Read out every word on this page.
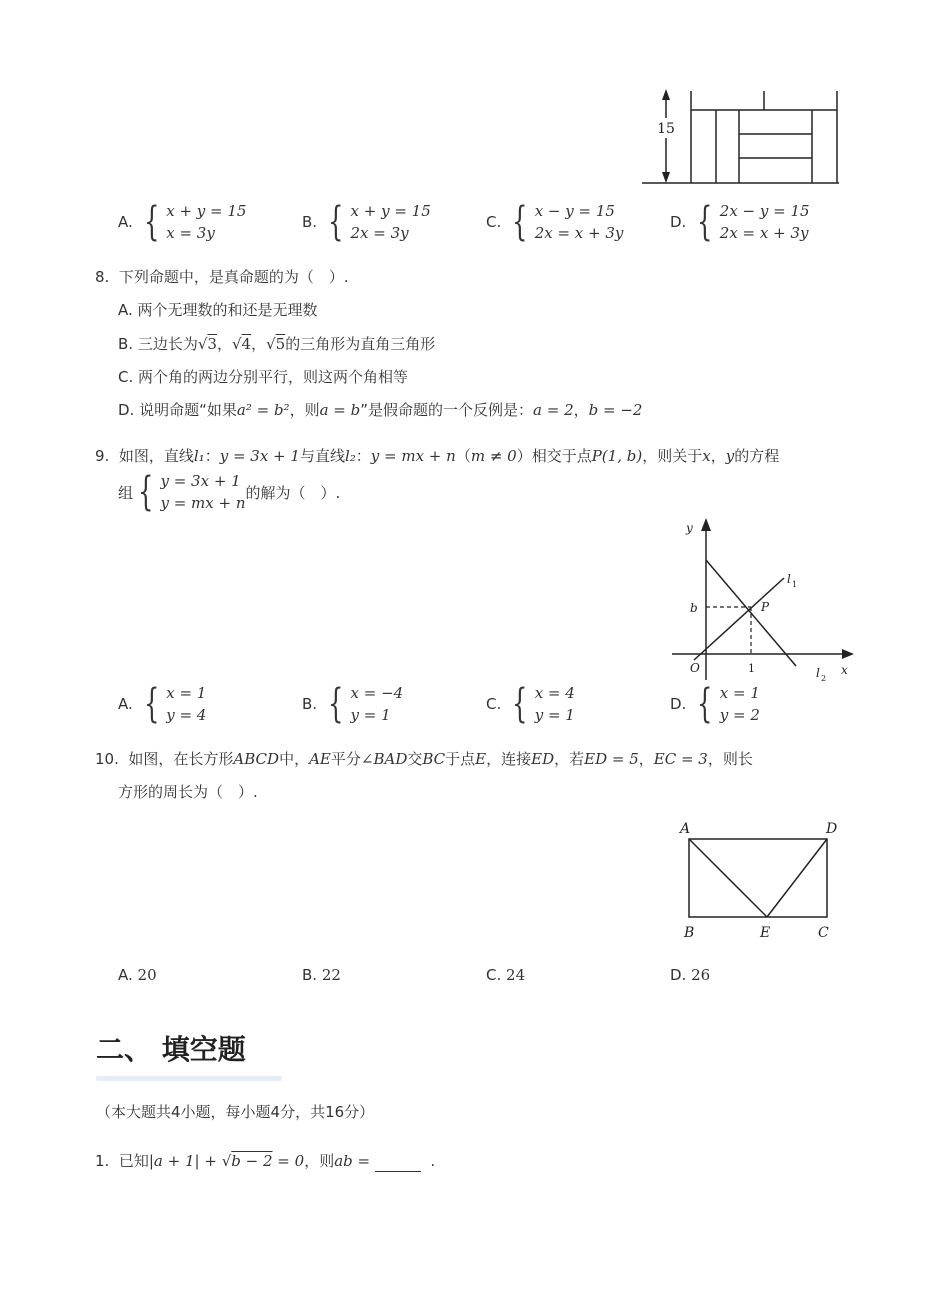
15
A. { x + y = 15
x = 3y
B. { x + y = 15
2x = 3y
C. { x − y = 15
2x = x + 3y
D. { 2x − y = 15
2x = x + 3y
8. 下列命题中，是真命题的为（　）.
A. 两个无理数的和还是无理数
B. 三边长为√3，√4，√5的三角形为直角三角形
C. 两个角的两边分别平行，则这两个角相等
D. 说明命题“如果a² = b²，则a = b”是假命题的一个反例是：a = 2，b = −2
9. 如图，直线l₁：y = 3x + 1与直线l₂：y = mx + n（m ≠ 0）相交于点P(1, b)，则关于x，y的方程
组 { y = 3x + 1
y = mx + n
的解为（　）.
y
x
l 1
l 2
b	P
O	1
A. { x = 1
y = 4
B. { x = −4
y = 1
C. { x = 4
y = 1
D. { x = 1
y = 2
10. 如图，在长方形ABCD中，AE平分∠BAD交BC于点E，连接ED，若ED = 5，EC = 3，则长
方形的周长为（　）.
A	D
B	E	C
A. 20	B. 22	C. 24	D. 26
二、 填空题
（本大题共4小题，每小题4分，共16分）
1. 已知|a + 1| + √b − 2 = 0，则ab =	.
